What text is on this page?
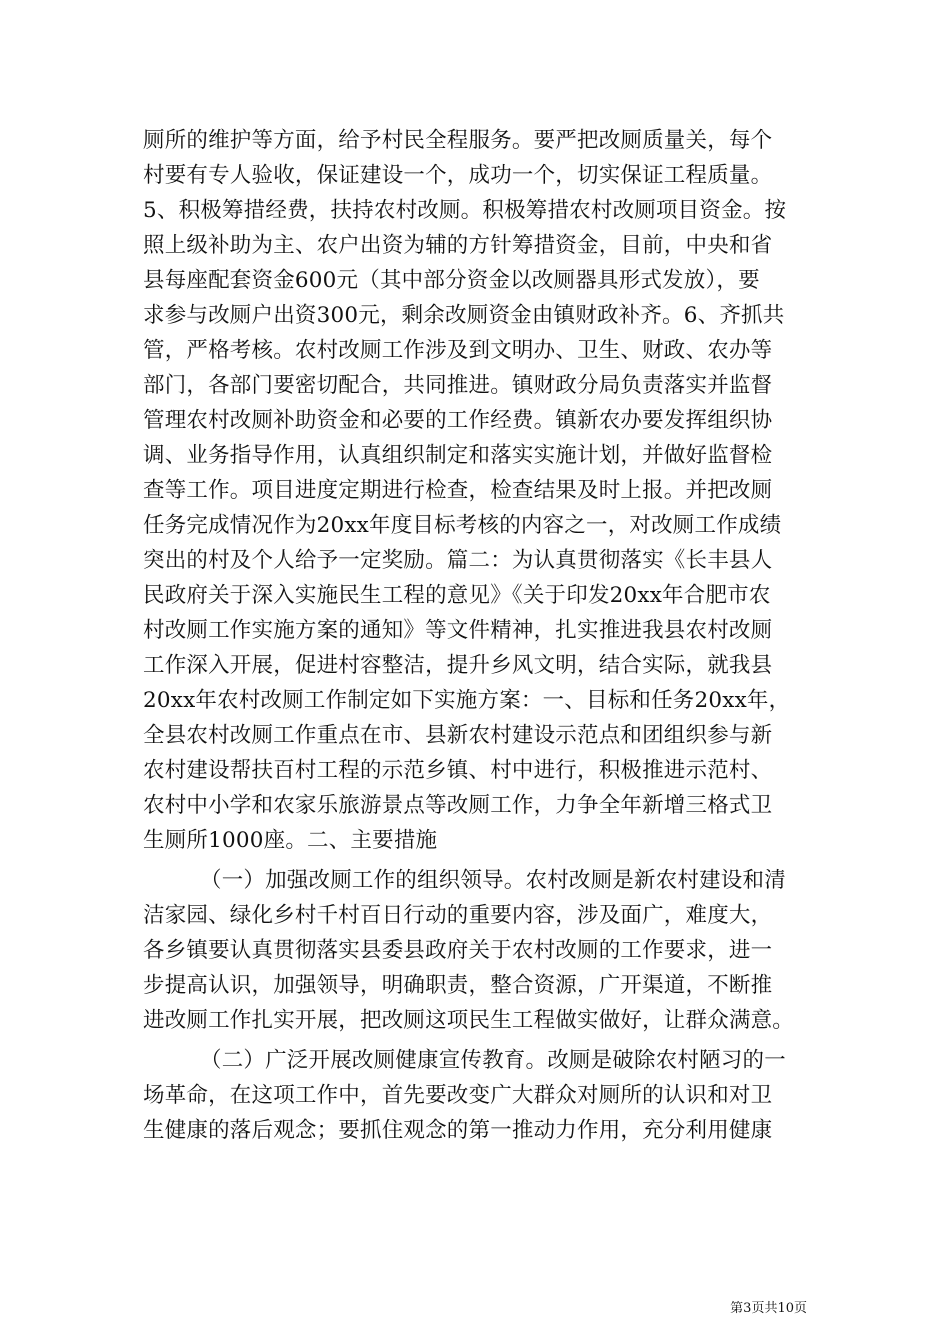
厕所的维护等方面，给予村民全程服务。要严把改厕质量关，每个
村要有专人验收，保证建设一个，成功一个，切实保证工程质量。
5、积极筹措经费，扶持农村改厕。积极筹措农村改厕项目资金。按
照上级补助为主、农户出资为辅的方针筹措资金，目前，中央和省
县每座配套资金600元（其中部分资金以改厕器具形式发放），要
求参与改厕户出资300元，剩余改厕资金由镇财政补齐。6、齐抓共
管，严格考核。农村改厕工作涉及到文明办、卫生、财政、农办等
部门，各部门要密切配合，共同推进。镇财政分局负责落实并监督
管理农村改厕补助资金和必要的工作经费。镇新农办要发挥组织协
调、业务指导作用，认真组织制定和落实实施计划，并做好监督检
查等工作。项目进度定期进行检查，检查结果及时上报。并把改厕
任务完成情况作为20xx年度目标考核的内容之一，对改厕工作成绩
突出的村及个人给予一定奖励。篇二：为认真贯彻落实《长丰县人
民政府关于深入实施民生工程的意见》《关于印发20xx年合肥市农
村改厕工作实施方案的通知》等文件精神，扎实推进我县农村改厕
工作深入开展，促进村容整洁，提升乡风文明，结合实际，就我县
20xx年农村改厕工作制定如下实施方案：一、目标和任务20xx年，
全县农村改厕工作重点在市、县新农村建设示范点和团组织参与新
农村建设帮扶百村工程的示范乡镇、村中进行，积极推进示范村、
农村中小学和农家乐旅游景点等改厕工作，力争全年新增三格式卫
生厕所1000座。二、主要措施
（一）加强改厕工作的组织领导。农村改厕是新农村建设和清
洁家园、绿化乡村千村百日行动的重要内容，涉及面广，难度大，
各乡镇要认真贯彻落实县委县政府关于农村改厕的工作要求，进一
步提高认识，加强领导，明确职责，整合资源，广开渠道，不断推
进改厕工作扎实开展，把改厕这项民生工程做实做好，让群众满意。
（二）广泛开展改厕健康宣传教育。改厕是破除农村陋习的一
场革命，在这项工作中，首先要改变广大群众对厕所的认识和对卫
生健康的落后观念；要抓住观念的第一推动力作用，充分利用健康
第3页共10页
